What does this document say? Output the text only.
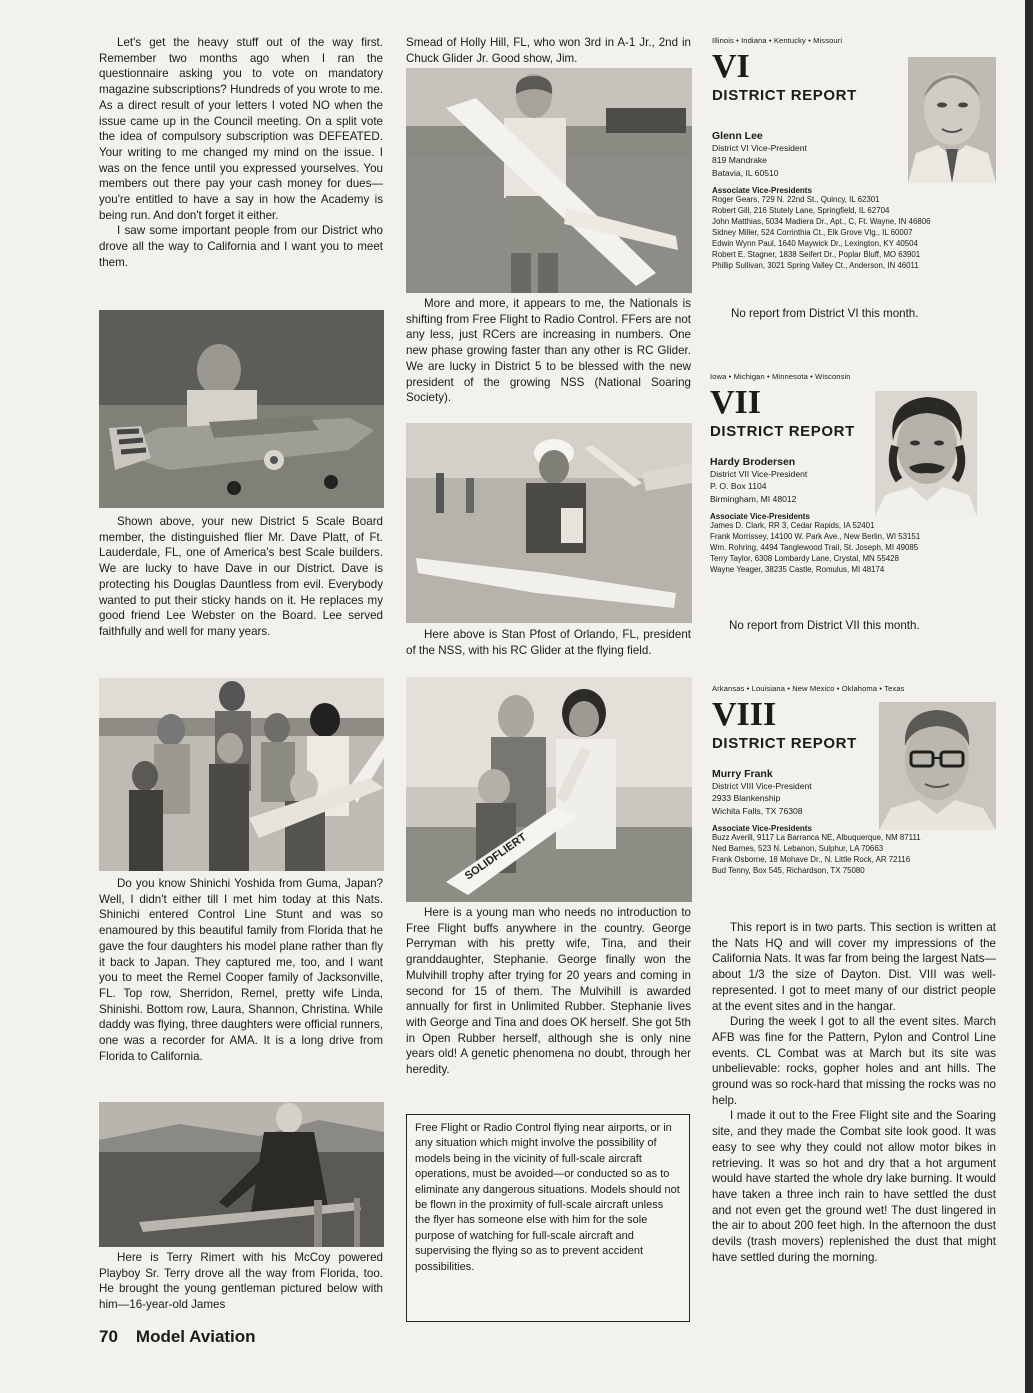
Let's get the heavy stuff out of the way first. Remember two months ago when I ran the questionnaire asking you to vote on mandatory magazine subscriptions? Hundreds of you wrote to me. As a direct result of your letters I voted NO when the issue came up in the Council meeting. On a split vote the idea of compulsory subscription was DEFEATED. Your writing to me changed my mind on the issue. I was on the fence until you expressed yourselves. You members out there pay your cash money for dues—you're entitled to have a say in how the Academy is being run. And don't forget it either.

I saw some important people from our District who drove all the way to California and I want you to meet them.

Shown above, your new District 5 Scale Board member, the distinguished flier Mr. Dave Platt, of Ft. Lauderdale, FL, one of America's best Scale builders. We are lucky to have Dave in our District. Dave is protecting his Douglas Dauntless from evil. Everybody wanted to put their sticky hands on it. He replaces my good friend Lee Webster on the Board. Lee served faithfully and well for many years.

Do you know Shinichi Yoshida from Guma, Japan? Well, I didn't either till I met him today at this Nats. Shinichi entered Control Line Stunt and was so enamoured by this beautiful family from Florida that he gave the four daughters his model plane rather than fly it back to Japan. They captured me, too, and I want you to meet the Remel Cooper family of Jacksonville, FL. Top row, Sherridon, Remel, pretty wife Linda, Shinishi. Bottom row, Laura, Shannon, Christina. While daddy was flying, three daughters were official runners, one was a recorder for AMA. It is a long drive from Florida to California.

Here is Terry Rimert with his McCoy powered Playboy Sr. Terry drove all the way from Florida, too. He brought the young gentleman pictured below with him—16-year-old James

Smead of Holly Hill, FL, who won 3rd in A-1 Jr., 2nd in Chuck Glider Jr. Good show, Jim.

More and more, it appears to me, the Nationals is shifting from Free Flight to Radio Control. FFers are not any less, just RCers are increasing in numbers. One new phase growing faster than any other is RC Glider. We are lucky in District 5 to be blessed with the new president of the growing NSS (National Soaring Society).

Here above is Stan Pfost of Orlando, FL, president of the NSS, with his RC Glider at the flying field.

SOLIDFLIERT

Here is a young man who needs no introduction to Free Flight buffs anywhere in the country. George Perryman with his pretty wife, Tina, and their granddaughter, Stephanie. George finally won the Mulvihill trophy after trying for 20 years and coming in second for 15 of them. The Mulvihill is awarded annually for first in Unlimited Rubber. Stephanie lives with George and Tina and does OK herself. She got 5th in Open Rubber herself, although she is only nine years old! A genetic phenomena no doubt, through her heredity.

Free Flight or Radio Control flying near airports, or in any situation which might involve the possibility of models being in the vicinity of full-scale aircraft operations, must be avoided—or conducted so as to eliminate any dangerous situations. Models should not be flown in the proximity of full-scale aircraft unless the flyer has someone else with him for the sole purpose of watching for full-scale aircraft and supervising the flying so as to prevent accident possibilities.
Illinois • Indiana • Kentucky • Missouri
VI
DISTRICT REPORT
Glenn Lee
District VI Vice-President
819 Mandrake
Batavia, IL 60510
Associate Vice-Presidents
Roger Gears, 729 N. 22nd St., Quincy, IL 62301
Robert Gill, 216 Stutely Lane, Springfield, IL 62704
John Matthias, 5034 Madiera Dr., Apt., C, Ft. Wayne, IN 46806
Sidney Miller, 524 Corrinthia Ct., Elk Grove Vlg., IL 60007
Edwin Wynn Paul, 1640 Maywick Dr., Lexington, KY 40504
Robert E. Stagner, 1838 Seifert Dr., Poplar Bluff, MO 63901
Phillip Sullivan, 3021 Spring Valley Ct., Anderson, IN 46011
No report from District VI this month.
Iowa • Michigan • Minnesota • Wisconsin
VII
DISTRICT REPORT
Hardy Brodersen
District VII Vice-President
P. O. Box 1104
Birmingham, MI 48012
Associate Vice-Presidents
James D. Clark, RR 3, Cedar Rapids, IA 52401
Frank Morrissey, 14100 W. Park Ave., New Berlin, WI 53151
Wm. Rohring, 4494 Tanglewood Trail, St. Joseph, MI 49085
Terry Taylor, 6308 Lombardy Lane, Crystal, MN 55428
Wayne Yeager, 38235 Castle, Romulus, MI 48174
No report from District VII this month.
Arkansas • Louisiana • New Mexico • Oklahoma • Texas
VIII
DISTRICT REPORT
Murry Frank
District VIII Vice-President
2933 Blankenship
Wichita Falls, TX 76308
Associate Vice-Presidents
Buzz Averill, 9117 La Barranca NE, Albuquerque, NM 87111
Ned Barnes, 523 N. Lebanon, Sulphur, LA 70663
Frank Osborne, 18 Mohave Dr., N. Little Rock, AR 72116
Bud Tenny, Box 545, Richardson, TX 75080

This report is in two parts. This section is written at the Nats HQ and will cover my impressions of the California Nats. It was far from being the largest Nats—about 1/3 the size of Dayton. Dist. VIII was well-represented. I got to meet many of our district people at the event sites and in the hangar.

During the week I got to all the event sites. March AFB was fine for the Pattern, Pylon and Control Line events. CL Combat was at March but its site was unbelievable: rocks, gopher holes and ant hills. The ground was so rock-hard that missing the rocks was no help.

I made it out to the Free Flight site and the Soaring site, and they made the Combat site look good. It was easy to see why they could not allow motor bikes in retrieving. It was so hot and dry that a hot argument would have started the whole dry lake burning. It would have taken a three inch rain to have settled the dust and not even get the ground wet! The dust lingered in the air to about 200 feet high. In the afternoon the dust devils (trash movers) replenished the dust that might have settled during the morning.

70 Model Aviation
